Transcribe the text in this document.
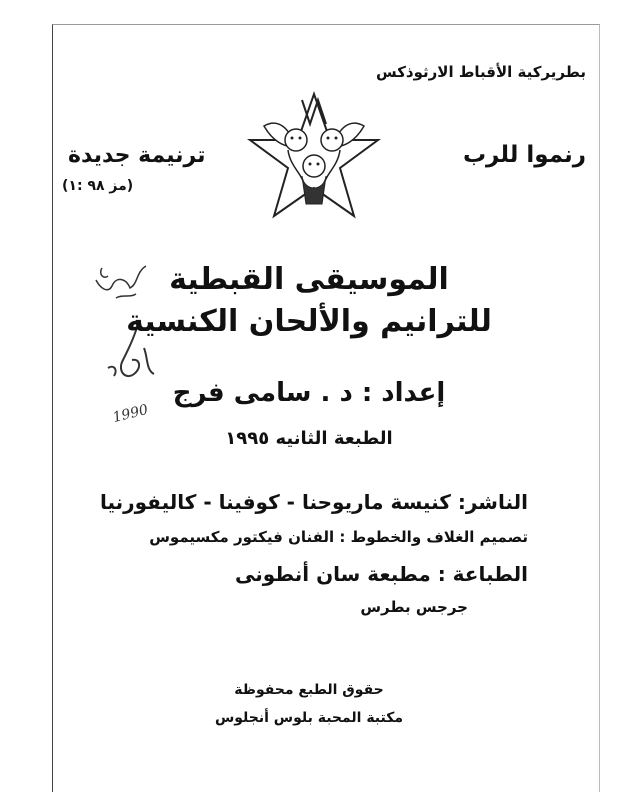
بطريركية الأقباط الارثوذكس
رنموا للرب
ترنيمة جديدة
(مز ٩٨ :١)
1990
الموسيقى القبطية
للترانيم والألحان الكنسية
إعداد : د . سامى فرج
الطبعة الثانيه ١٩٩٥
الناشر: كنيسة ماريوحنا - كوفينا - كاليفورنيا
تصميم الغلاف والخطوط : الفنان فيكتور مكسيموس
الطباعة : مطبعة سان أنطونى
جرجس بطرس
حقوق الطبع محفوظة
مكتبة المحبة بلوس أنجلوس
